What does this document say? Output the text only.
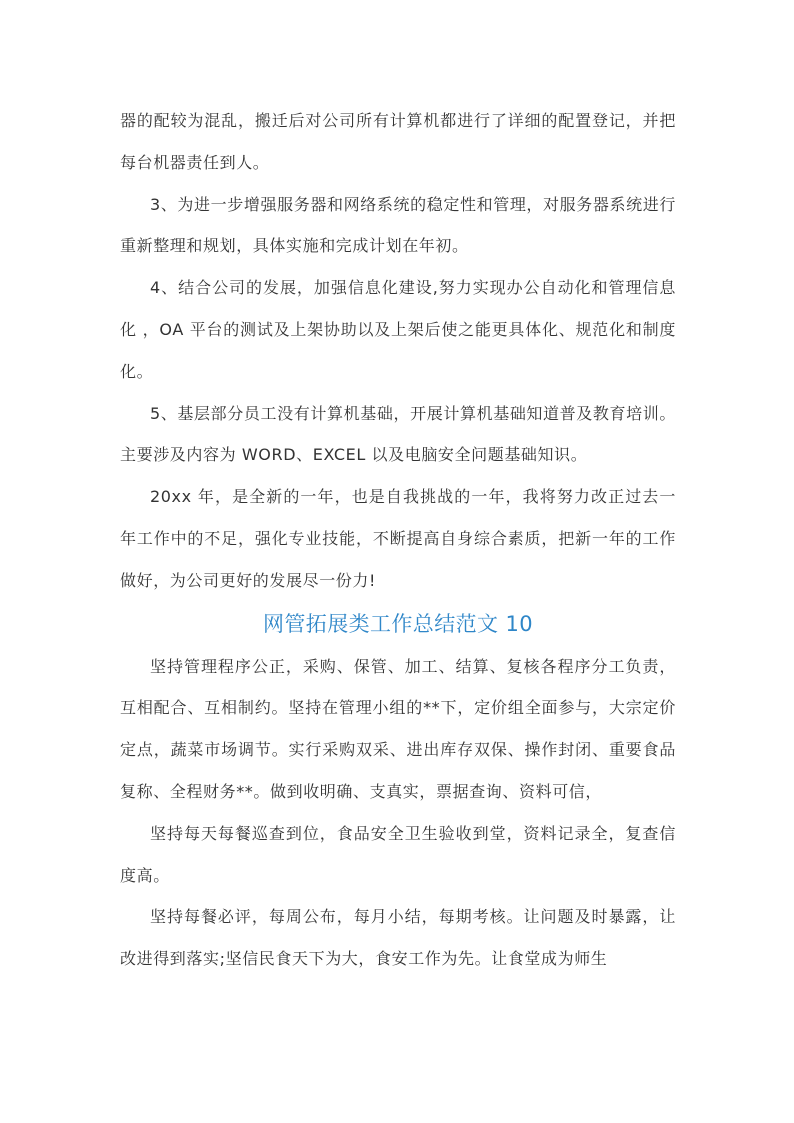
器的配较为混乱，搬迁后对公司所有计算机都进行了详细的配置登记，并把每台机器责任到人。

3、为进一步增强服务器和网络系统的稳定性和管理，对服务器系统进行重新整理和规划，具体实施和完成计划在年初。

4、结合公司的发展，加强信息化建设,努力实现办公自动化和管理信息化 ，OA 平台的测试及上架协助以及上架后使之能更具体化、规范化和制度化。

5、基层部分员工没有计算机基础，开展计算机基础知道普及教育培训。主要涉及内容为 WORD、EXCEL 以及电脑安全问题基础知识。

20xx 年，是全新的一年，也是自我挑战的一年，我将努力改正过去一年工作中的不足，强化专业技能，不断提高自身综合素质，把新一年的工作做好，为公司更好的发展尽一份力!

网管拓展类工作总结范文 10

坚持管理程序公正，采购、保管、加工、结算、复核各程序分工负责，互相配合、互相制约。坚持在管理小组的**下，定价组全面参与，大宗定价定点，蔬菜市场调节。实行采购双采、进出库存双保、操作封闭、重要食品复称、全程财务**。做到收明确、支真实，票据查询、资料可信，

坚持每天每餐巡查到位，食品安全卫生验收到堂，资料记录全，复查信度高。

坚持每餐必评，每周公布，每月小结，每期考核。让问题及时暴露，让改进得到落实;坚信民食天下为大，食安工作为先。让食堂成为师生
